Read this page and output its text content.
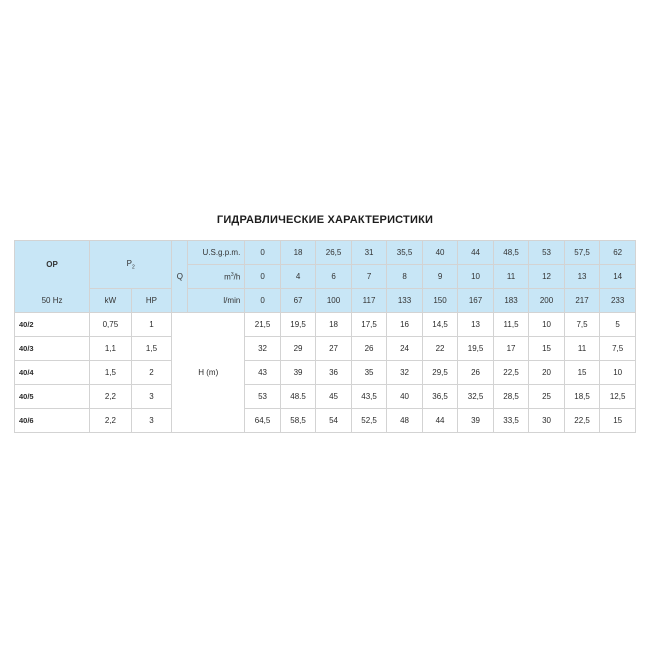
ГИДРАВЛИЧЕСКИЕ ХАРАКТЕРИСТИКИ
OP	$P_2$		Q	U.S.g.p.m.	0	18	26,5	31	35,5	40	44	48,5	53	57,5	62
				$m^3/h$	0	4	6	7	8	9	10	11	12	13	14
50 Hz	kW	HP		l/min	0	67	100	117	133	150	167	183	200	217	233
40/2	0,75	1	H (m)		21,5	19,5	18	17,5	16	14,5	13	11,5	10	7,5	5
40/3	1,1	1,5			32	29	27	26	24	22	19,5	17	15	11	7,5
40/4	1,5	2			43	39	36	35	32	29,5	26	22,5	20	15	10
40/5	2,2	3			53	48.5	45	43,5	40	36,5	32,5	28,5	25	18,5	12,5
40/6	2,2	3			64,5	58,5	54	52,5	48	44	39	33,5	30	22,5	15
